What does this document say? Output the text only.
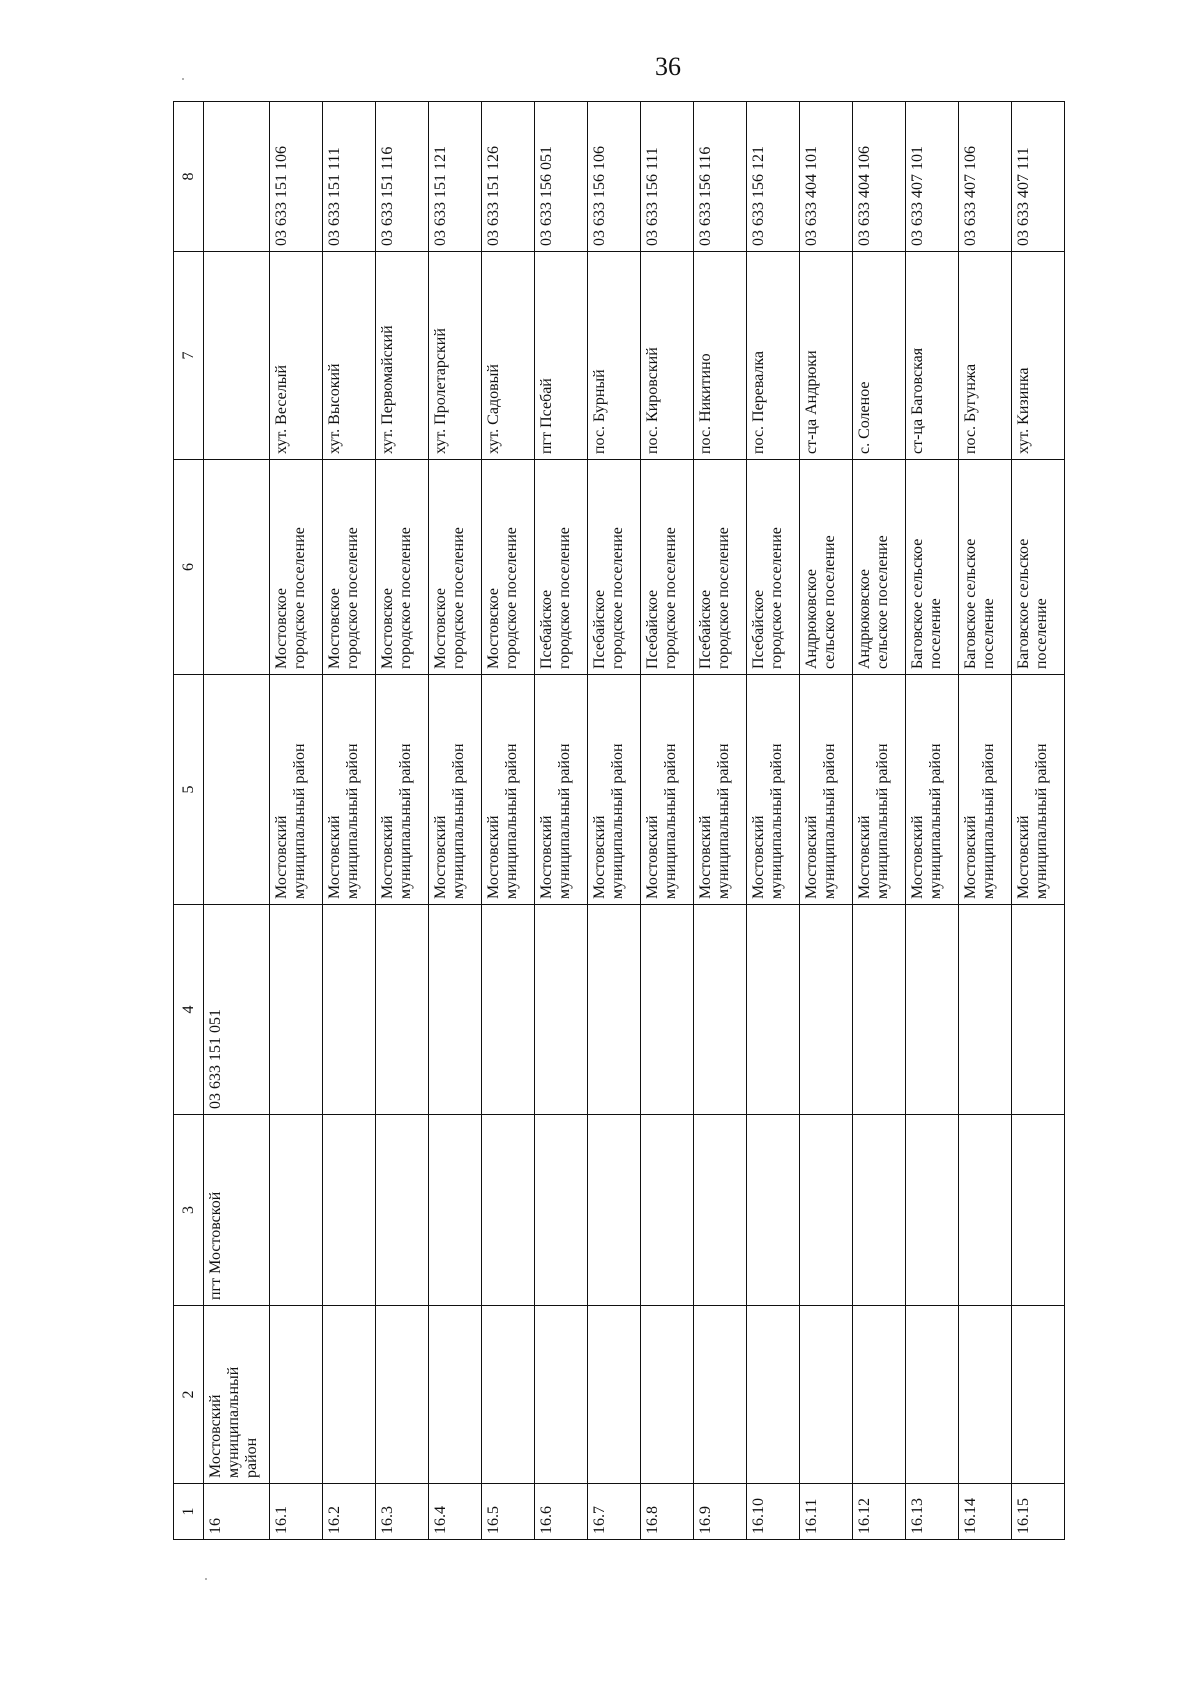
36
1	2	3	4	5	6	7	8

16	Мостовский муниципальный район	пгт Мостовской	03 633 151 051				

16.1				Мостовский муниципальный район	Мостовское городское поселение	хут. Веселый	03 633 151 106

16.2				Мостовский муниципальный район	Мостовское городское поселение	хут. Высокий	03 633 151 111

16.3				Мостовский муниципальный район	Мостовское городское поселение	хут. Первомайский	03 633 151 116

16.4				Мостовский муниципальный район	Мостовское городское поселение	хут. Пролетарский	03 633 151 121

16.5				Мостовский муниципальный район	Мостовское городское поселение	хут. Садовый	03 633 151 126

16.6				Мостовский муниципальный район	Псебайское городское поселение	пгт Псебай	03 633 156 051

16.7				Мостовский муниципальный район	Псебайское городское поселение	пос. Бурный	03 633 156 106

16.8				Мостовский муниципальный район	Псебайское городское поселение	пос. Кировский	03 633 156 111

16.9				Мостовский муниципальный район	Псебайское городское поселение	пос. Никитино	03 633 156 116

16.10				Мостовский муниципальный район	Псебайское городское поселение	пос. Перевалка	03 633 156 121

16.11				Мостовский муниципальный район	Андрюковское сельское поселение	ст-ца Андрюки	03 633 404 101

16.12				Мостовский муниципальный район	Андрюковское сельское поселение	с. Соленое	03 633 404 106

16.13				Мостовский муниципальный район	Баговское сельское поселение	ст-ца Баговская	03 633 407 101

16.14				Мостовский муниципальный район	Баговское сельское поселение	пос. Бугунжа	03 633 407 106

16.15				Мостовский муниципальный район	Баговское сельское поселение	хут. Кизинка	03 633 407 111
